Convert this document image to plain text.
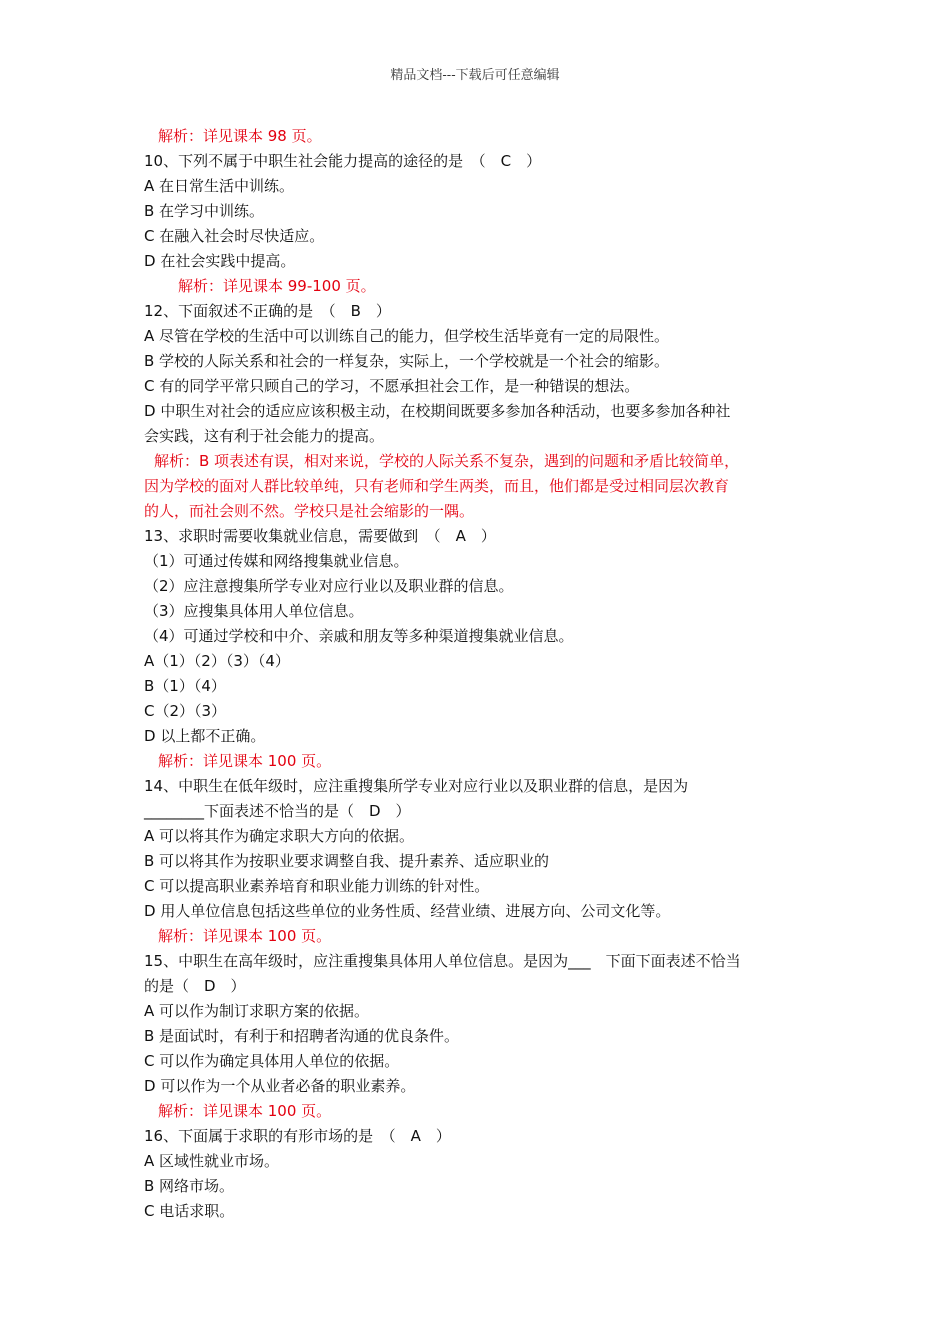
精品文档---下载后可任意编辑
解析：详见课本 98 页。
10、下列不属于中职生社会能力提高的途径的是　（　C　）
A 在日常生活中训练。
B 在学习中训练。
C 在融入社会时尽快适应。
D 在社会实践中提高。
解析：详见课本 99-100 页。
12、下面叙述不正确的是　（　B　）
A 尽管在学校的生活中可以训练自己的能力，但学校生活毕竟有一定的局限性。
B 学校的人际关系和社会的一样复杂，实际上，一个学校就是一个社会的缩影。
C 有的同学平常只顾自己的学习，不愿承担社会工作，是一种错误的想法。
D 中职生对社会的适应应该积极主动，在校期间既要多参加各种活动，也要多参加各种社
会实践，这有利于社会能力的提高。
解析：B 项表述有误，相对来说，学校的人际关系不复杂，遇到的问题和矛盾比较简单，
因为学校的面对人群比较单纯，只有老师和学生两类，而且，他们都是受过相同层次教育
的人，而社会则不然。学校只是社会缩影的一隅。
13、求职时需要收集就业信息，需要做到　（　A　）
（1）可通过传媒和网络搜集就业信息。
（2）应注意搜集所学专业对应行业以及职业群的信息。
（3）应搜集具体用人单位信息。
（4）可通过学校和中介、亲戚和朋友等多种渠道搜集就业信息。
A（1）（2）（3）（4）
B（1）（4）
C（2）（3）
D 以上都不正确。
解析：详见课本 100 页。
14、中职生在低年级时，应注重搜集所学专业对应行业以及职业群的信息，是因为
________下面表述不恰当的是（　D　）
A 可以将其作为确定求职大方向的依据。
B 可以将其作为按职业要求调整自我、提升素养、适应职业的
C 可以提高职业素养培育和职业能力训练的针对性。
D 用人单位信息包括这些单位的业务性质、经营业绩、进展方向、公司文化等。
解析：详见课本 100 页。
15、中职生在高年级时，应注重搜集具体用人单位信息。是因为___　下面下面表述不恰当
的是（　D　）
A 可以作为制订求职方案的依据。
B 是面试时，有利于和招聘者沟通的优良条件。
C 可以作为确定具体用人单位的依据。
D 可以作为一个从业者必备的职业素养。
解析：详见课本 100 页。
16、下面属于求职的有形市场的是　（　A　）
A 区域性就业市场。
B 网络市场。
C 电话求职。
